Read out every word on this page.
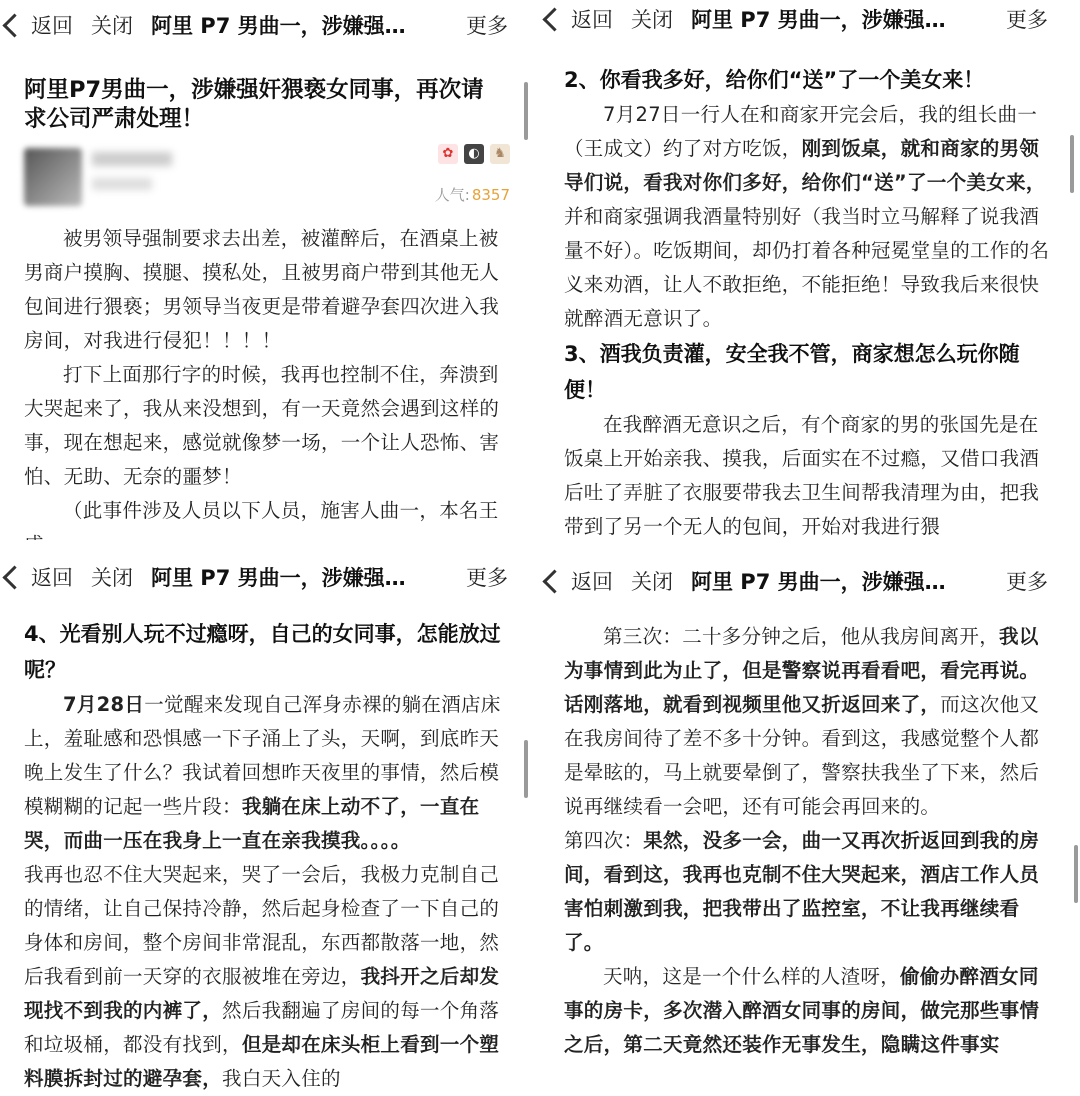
返回 关闭 阿里 P7 男曲一，涉嫌强…	更多
阿里P7男曲一，涉嫌强奸猥亵女同事，再次请求公司严肃处理！
✿	◐	♞
人气: 8357

被男领导强制要求去出差，被灌醉后，在酒桌上被男商户摸胸、摸腿、摸私处，且被男商户带到其他无人包间进行猥亵；男领导当夜更是带着避孕套四次进入我房间，对我进行侵犯！！！！

打下上面那行字的时候，我再也控制不住，奔溃到大哭起来了，我从来没想到，有一天竟然会遇到这样的事，现在想起来，感觉就像梦一场，一个让人恐怖、害怕、无助、无奈的噩梦！

（此事件涉及人员以下人员，施害人曲一，本名王

返回 关闭 阿里 P7 男曲一，涉嫌强…	更多
2、你看我多好，给你们“送”了一个美女来！

7月27日一行人在和商家开完会后，我的组长曲一（王成文）约了对方吃饭，刚到饭桌，就和商家的男领导们说，看我对你们多好，给你们“送”了一个美女来，并和商家强调我酒量特别好（我当时立马解释了说我酒量不好）。吃饭期间，却仍打着各种冠冕堂皇的工作的名义来劝酒，让人不敢拒绝，不能拒绝！导致我后来很快就醉酒无意识了。

3、酒我负责灌，安全我不管，商家想怎么玩你随便！

在我醉酒无意识之后，有个商家的男的张国先是在饭桌上开始亲我、摸我，后面实在不过瘾，又借口我酒后吐了弄脏了衣服要带我去卫生间帮我清理为由，把我带到了另一个无人的包间，开始对我进行猥

返回 关闭 阿里 P7 男曲一，涉嫌强…	更多
4、光看别人玩不过瘾呀，自己的女同事，怎能放过呢？

7月28日一觉醒来发现自己浑身赤裸的躺在酒店床上，羞耻感和恐惧感一下子涌上了头，天啊，到底昨天晚上发生了什么？我试着回想昨天夜里的事情，然后模模糊糊的记起一些片段：我躺在床上动不了，一直在哭，而曲一压在我身上一直在亲我摸我。。。。

我再也忍不住大哭起来，哭了一会后，我极力克制自己的情绪，让自己保持冷静，然后起身检查了一下自己的身体和房间，整个房间非常混乱，东西都散落一地，然后我看到前一天穿的衣服被堆在旁边，我抖开之后却发现找不到我的内裤了，然后我翻遍了房间的每一个角落和垃圾桶，都没有找到，但是却在床头柜上看到一个塑料膜拆封过的避孕套，我白天入住的

返回 关闭 阿里 P7 男曲一，涉嫌强…	更多

第三次：二十多分钟之后，他从我房间离开，我以为事情到此为止了，但是警察说再看看吧，看完再说。话刚落地，就看到视频里他又折返回来了，而这次他又在我房间待了差不多十分钟。看到这，我感觉整个人都是晕眩的，马上就要晕倒了，警察扶我坐了下来，然后说再继续看一会吧，还有可能会再回来的。

第四次：果然，没多一会，曲一又再次折返回到我的房间，看到这，我再也克制不住大哭起来，酒店工作人员害怕刺激到我，把我带出了监控室，不让我再继续看了。

天呐，这是一个什么样的人渣呀，偷偷办醉酒女同事的房卡，多次潜入醉酒女同事的房间，做完那些事情之后，第二天竟然还装作无事发生，隐瞒这件事实
